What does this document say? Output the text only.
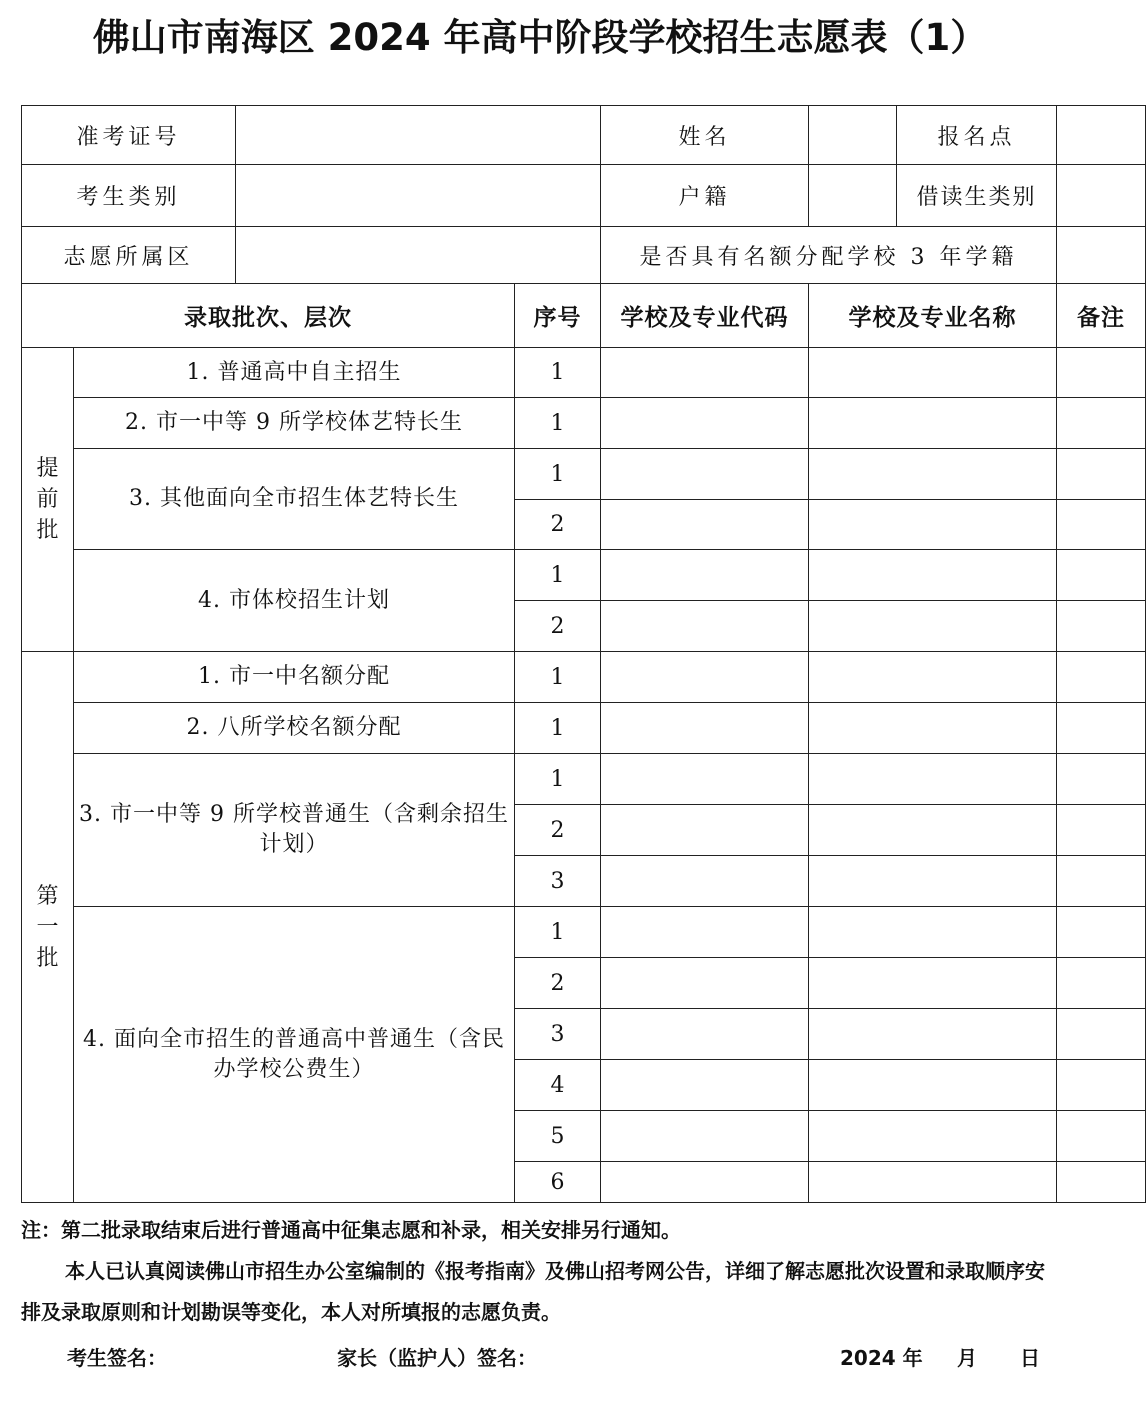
佛山市南海区 2024 年高中阶段学校招生志愿表（1）
准考证号				姓名		报名点	
考生类别				户籍		借读生类别	
志愿所属区				是否具有名额分配学校 3 年学籍			
录取批次、层次			序号	学校及专业代码	学校及专业名称		备注

提
前
批	1. 普通高中自主招生		1				
	2. 市一中等 9 所学校体艺特长生		1				
	3. 其他面向全市招生体艺特长生		1				
			2				
	4. 市体校招生计划		1				
			2				

第
一
批	1. 市一中名额分配		1				
	2. 八所学校名额分配		1				
	3. 市一中等 9 所学校普通生（含剩余招生计划）		1				
			2				
			3				
	4. 面向全市招生的普通高中普通生（含民办学校公费生）		1				
			2				
			3				
			4				
			5				
			6				

注：第二批录取结束后进行普通高中征集志愿和补录，相关安排另行通知。

本人已认真阅读佛山市招生办公室编制的《报考指南》及佛山招考网公告，详细了解志愿批次设置和录取顺序安排及录取原则和计划勘误等变化，本人对所填报的志愿负责。

考生签名：	家长（监护人）签名：	2024 年 月 日
